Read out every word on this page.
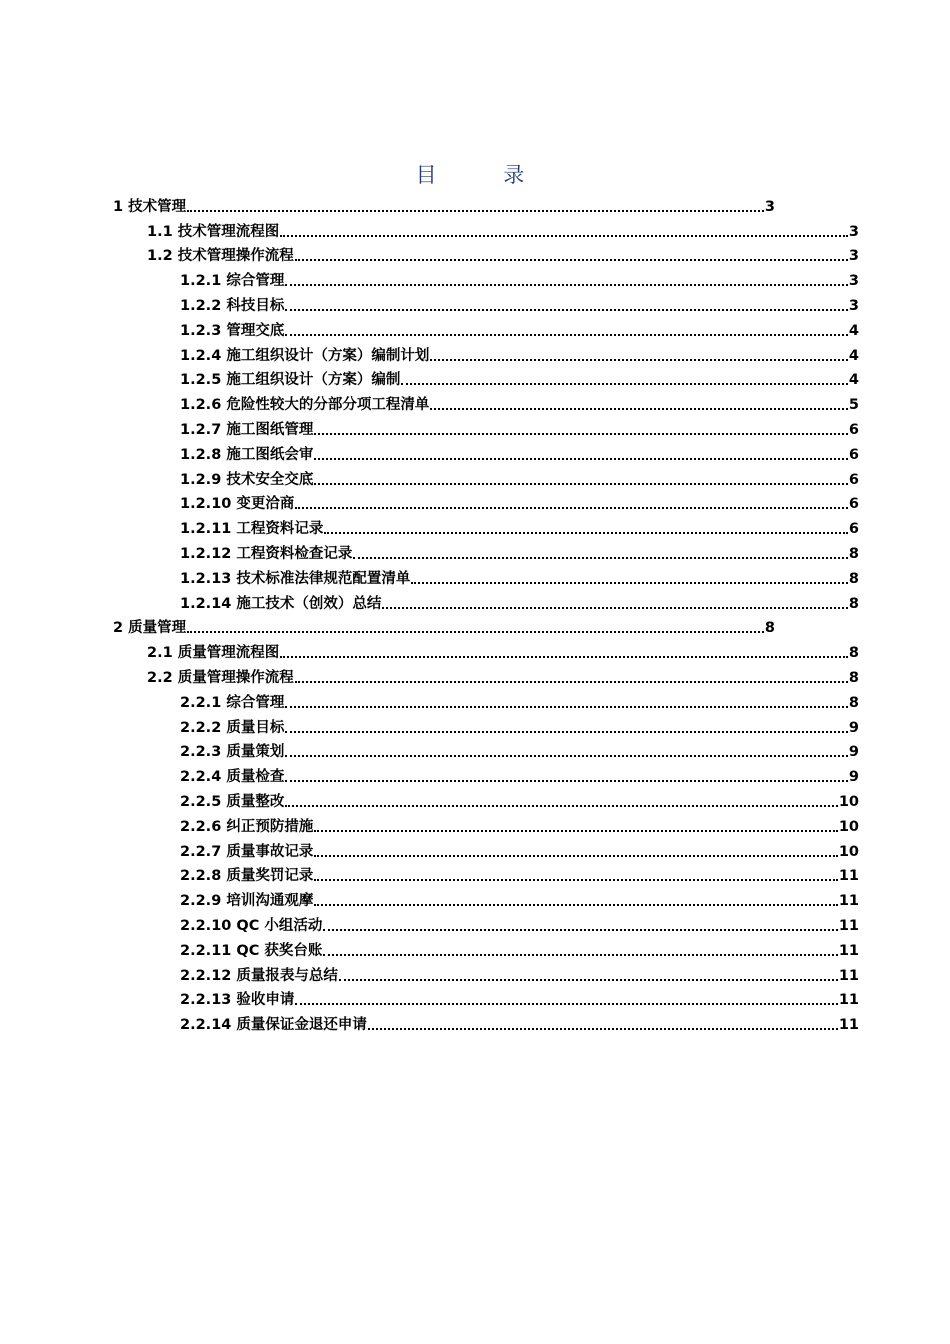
目 录
1 技术管理	3
1.1 技术管理流程图	3
1.2 技术管理操作流程	3
1.2.1 综合管理	3
1.2.2 科技目标	3
1.2.3 管理交底	4
1.2.4 施工组织设计（方案）编制计划	4
1.2.5 施工组织设计（方案）编制	4
1.2.6 危险性较大的分部分项工程清单	5
1.2.7 施工图纸管理	6
1.2.8 施工图纸会审	6
1.2.9 技术安全交底	6
1.2.10 变更洽商	6
1.2.11 工程资料记录	6
1.2.12 工程资料检查记录	8
1.2.13 技术标准法律规范配置清单	8
1.2.14 施工技术（创效）总结	8
2 质量管理	8
2.1 质量管理流程图	8
2.2 质量管理操作流程	8
2.2.1 综合管理	8
2.2.2 质量目标	9
2.2.3 质量策划	9
2.2.4 质量检查	9
2.2.5 质量整改	10
2.2.6 纠正预防措施	10
2.2.7 质量事故记录	10
2.2.8 质量奖罚记录	11
2.2.9 培训沟通观摩	11
2.2.10 QC 小组活动	11
2.2.11 QC 获奖台账	11
2.2.12 质量报表与总结	11
2.2.13 验收申请	11
2.2.14 质量保证金退还申请	11
